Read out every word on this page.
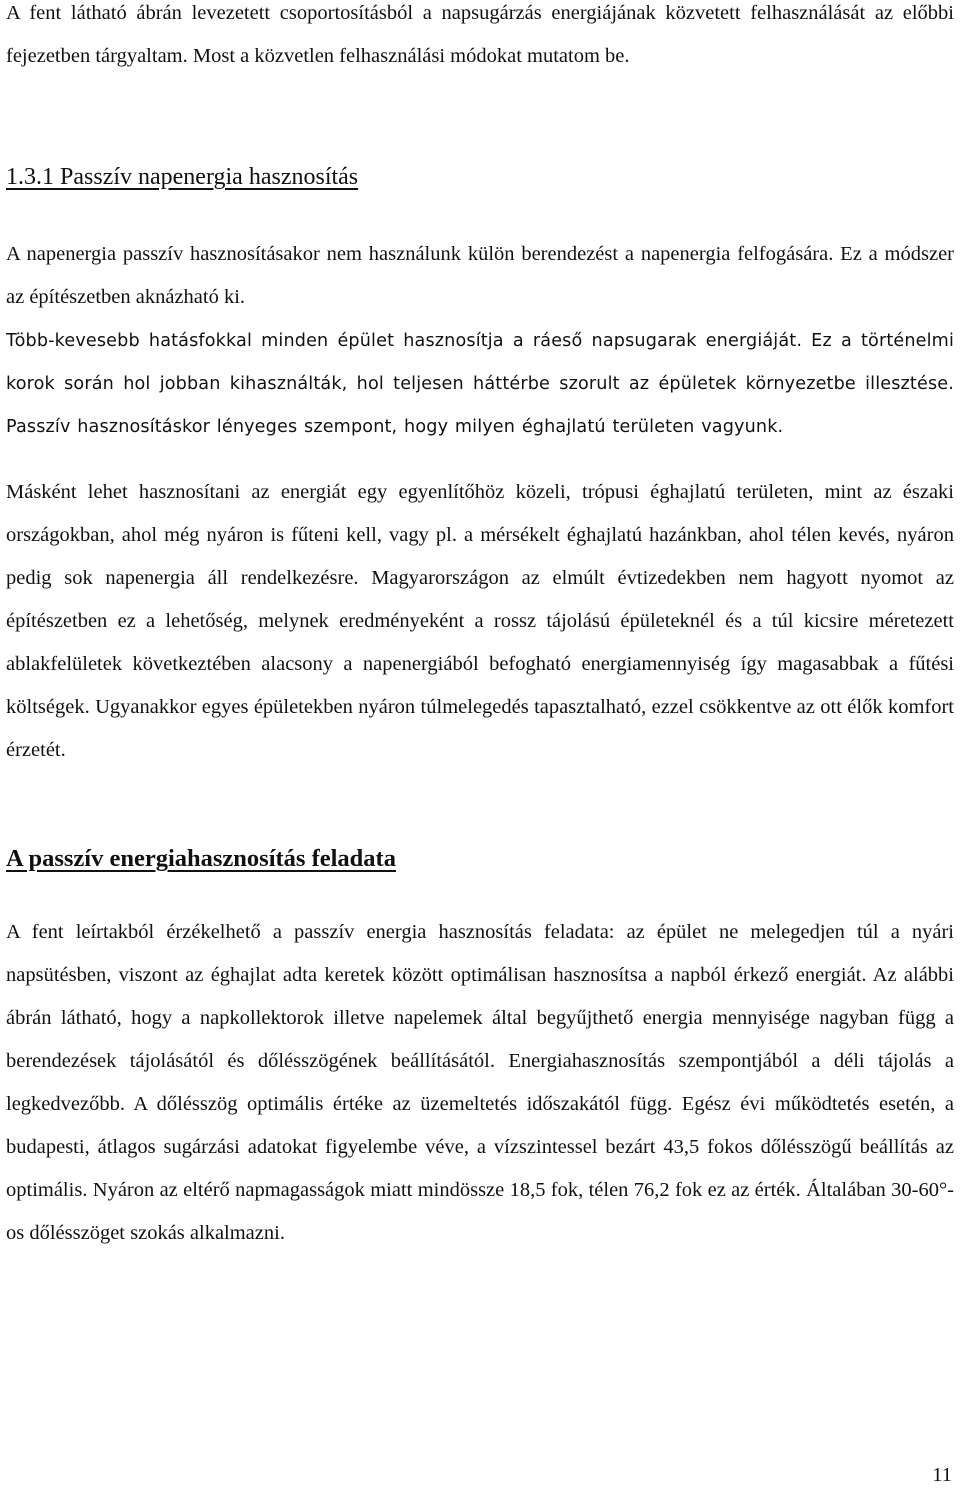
A fent látható ábrán levezetett csoportosításból a napsugárzás energiájának közvetett felhasználását az előbbi fejezetben tárgyaltam. Most a közvetlen felhasználási módokat mutatom be.

1.3.1 Passzív napenergia hasznosítás

A napenergia passzív hasznosításakor nem használunk külön berendezést a napenergia felfogására. Ez a módszer az építészetben aknázható ki.

Több-kevesebb hatásfokkal minden épület hasznosítja a ráeső napsugarak energiáját. Ez a történelmi korok során hol jobban kihasználták, hol teljesen háttérbe szorult az épületek környezetbe illesztése. Passzív hasznosításkor lényeges szempont, hogy milyen éghajlatú területen vagyunk.

Másként lehet hasznosítani az energiát egy egyenlítőhöz közeli, trópusi éghajlatú területen, mint az északi országokban, ahol még nyáron is fűteni kell, vagy pl. a mérsékelt éghajlatú hazánkban, ahol télen kevés, nyáron pedig sok napenergia áll rendelkezésre. Magyarországon az elmúlt évtizedekben nem hagyott nyomot az építészetben ez a lehetőség, melynek eredményeként a rossz tájolású épületeknél és a túl kicsire méretezett ablakfelületek következtében alacsony a napenergiából befogható energiamennyiség így magasabbak a fűtési költségek. Ugyanakkor egyes épületekben nyáron túlmelegedés tapasztalható, ezzel csökkentve az ott élők komfort érzetét.

A passzív energiahasznosítás feladata

A fent leírtakból érzékelhető a passzív energia hasznosítás feladata: az épület ne melegedjen túl a nyári napsütésben, viszont az éghajlat adta keretek között optimálisan hasznosítsa a napból érkező energiát. Az alábbi ábrán látható, hogy a napkollektorok illetve napelemek által begyűjthető energia mennyisége nagyban függ a berendezések tájolásától és dőlésszögének beállításától. Energiahasznosítás szempontjából a déli tájolás a legkedvezőbb. A dőlésszög optimális értéke az üzemeltetés időszakától függ. Egész évi működtetés esetén, a budapesti, átlagos sugárzási adatokat figyelembe véve, a vízszintessel bezárt 43,5 fokos dőlésszögű beállítás az optimális. Nyáron az eltérő napmagasságok miatt mindössze 18,5 fok, télen 76,2 fok ez az érték. Általában 30-60°-os dőlésszöget szokás alkalmazni.

11
